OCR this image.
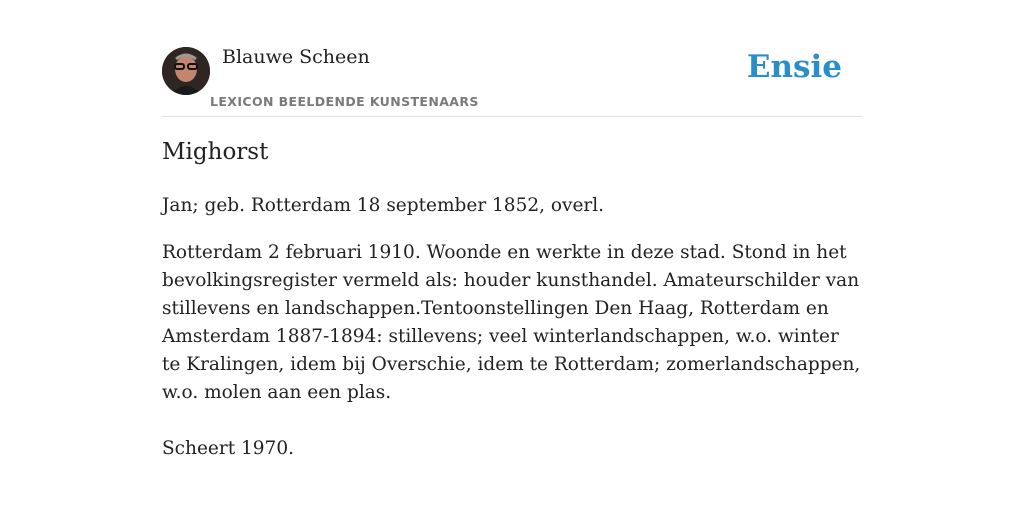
Blauwe Scheen
LEXICON BEELDENDE KUNSTENAARS
Ensie
Mighorst

Jan; geb. Rotterdam 18 september 1852, overl.

Rotterdam 2 februari 1910. Woonde en werkte in deze stad. Stond in het bevolkingsregister vermeld als: houder kunsthandel. Amateurschilder van stillevens en landschappen.Tentoonstellingen Den Haag, Rotterdam en Amsterdam 1887-1894: stillevens; veel winterlandschappen, w.o. winter te Kralingen, idem bij Overschie, idem te Rotterdam; zomerlandschappen, w.o. molen aan een plas.

Scheert 1970.
